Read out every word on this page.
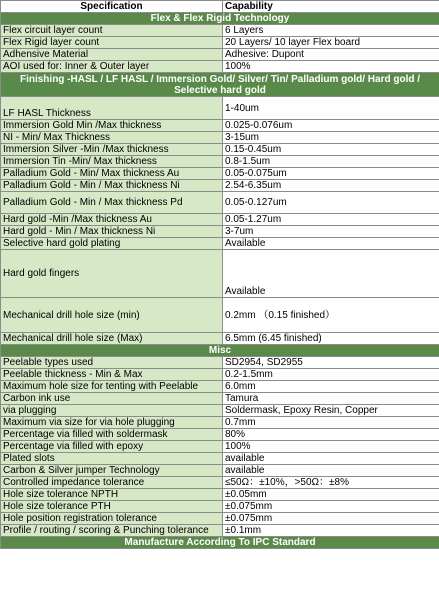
Specification	Capability
Flex & Flex Rigid Technology	
Flex circuit layer count	6 Layers
Flex Rigid layer count	20 Layers/ 10 layer Flex board
Adhensive Material	Adhesive: Dupont
AOI used for: Inner & Outer layer	100%
Finishing -HASL / LF HASL / Immersion Gold/ Silver/ Tin/ Palladium gold/ Hard gold / Selective hard gold	
LF HASL Thickness	1-40um
Immersion Gold Min /Max thickness	0.025-0.076um
NI - Min/ Max Thickness	3-15um
Immersion Silver -Min /Max thickness	0.15-0.45um
Immersion Tin -Min/ Max thickness	0.8-1.5um
Palladium Gold - Min/ Max thickness Au	0.05-0.075um
Palladium Gold - Min / Max thickness Ni	2.54-6.35um
Palladium Gold - Min / Max thickness Pd	0.05-0.127um
Hard gold -Min /Max thickness Au	0.05-1.27um
Hard gold - Min / Max thickness Ni	3-7um
Selective hard gold plating	Available
Hard gold fingers	Available
Mechanical drill hole size (min)	0.2mm （0.15 finished）
Mechanical drill hole size (Max)	6.5mm (6.45 finished)
Misc	
Peelable types used	SD2954, SD2955
Peelable thickness - Min & Max	0.2-1.5mm
Maximum hole size for tenting with Peelable	6.0mm
Carbon ink use	Tamura
via plugging	Soldermask, Epoxy Resin, Copper
Maximum via size for via hole plugging	0.7mm
Percentage via filled with soldermask	80%
Percentage via filled with epoxy	100%
Plated slots	available
Carbon & Silver jumper Technology	available
Controlled impedance tolerance	≤50Ω：±10%，>50Ω：±8%
Hole size tolerance NPTH	±0.05mm
Hole size tolerance PTH	±0.075mm
Hole position registration tolerance	±0.075mm
Profile / routing / scoring & Punching tolerance	±0.1mm
Manufacture According To IPC Standard	
